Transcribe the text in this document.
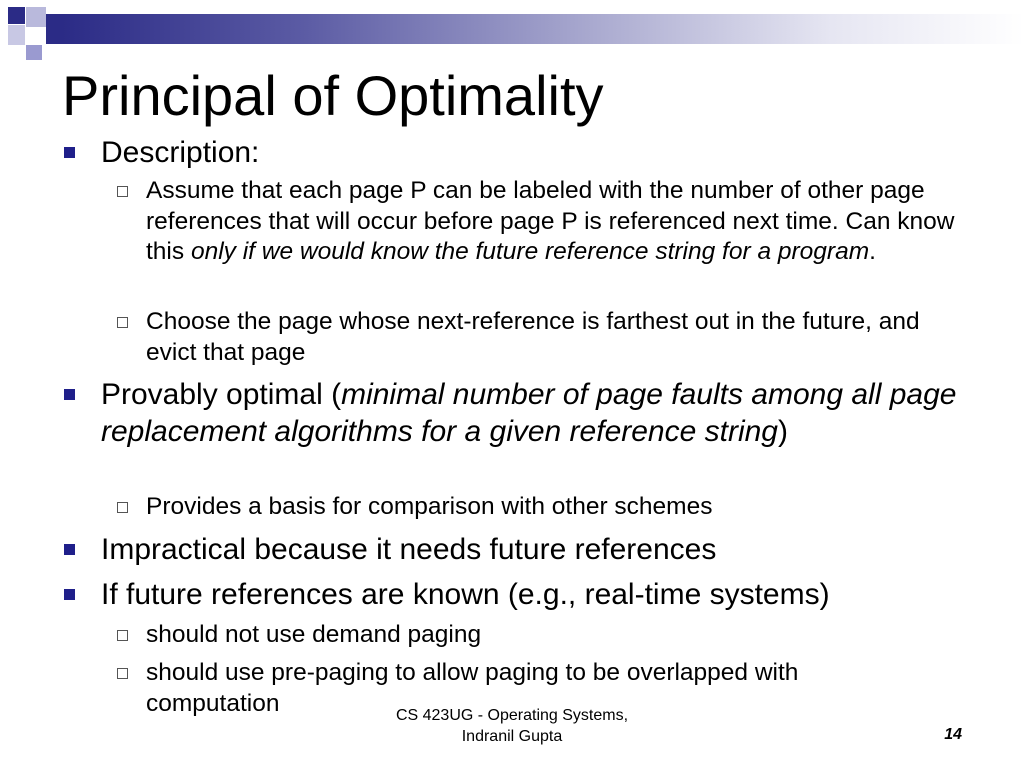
Principal of Optimality
Description:
Assume that each page P can be labeled with the number of other page references that will occur before page P is referenced next time. Can know this only if we would know the future reference string for a program.
Choose the page whose next-reference is farthest out in the future, and evict that page
Provably optimal (minimal number of page faults among all page replacement algorithms for a given reference string)
Provides a basis for comparison with other schemes
Impractical because it needs future references
If future references are known (e.g., real-time systems)
should not use demand paging
should use pre-paging to allow paging to be overlapped with computation	CS 423UG - Operating Systems,
Indranil Gupta	14
